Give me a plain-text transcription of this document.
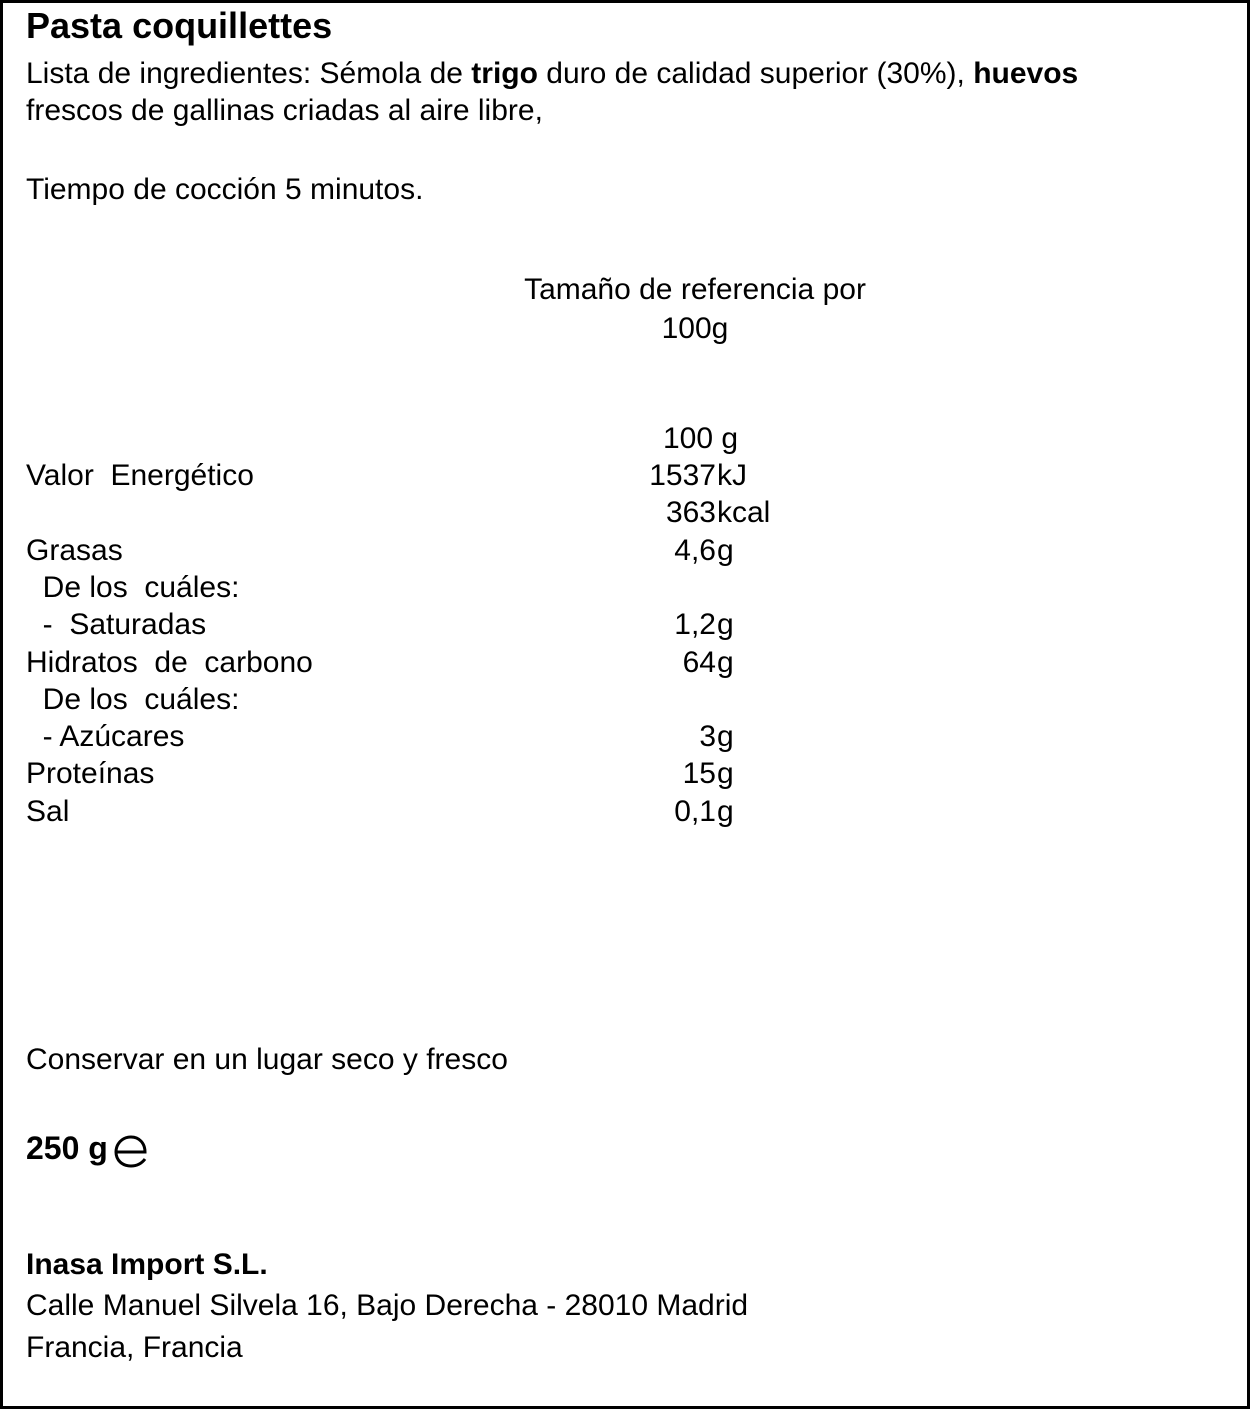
Pasta coquillettes
Lista de ingredientes: Sémola de trigo duro de calidad superior (30%), huevos
frescos de gallinas criadas al aire libre,
Tiempo de cocción 5 minutos.
Tamaño de referencia por
100g
100 g
Valor  Energético	1537 kJ
363 kcal
Grasas	4,6 g
De los  cuáles:
-  Saturadas	1,2 g
Hidratos  de  carbono	64 g
De los  cuáles:
- Azúcares	3 g
Proteínas	15 g
Sal	0,1 g
Conservar en un lugar seco y fresco
250 g
Inasa Import S.L.
Calle Manuel Silvela 16, Bajo Derecha - 28010 Madrid
Francia, Francia
